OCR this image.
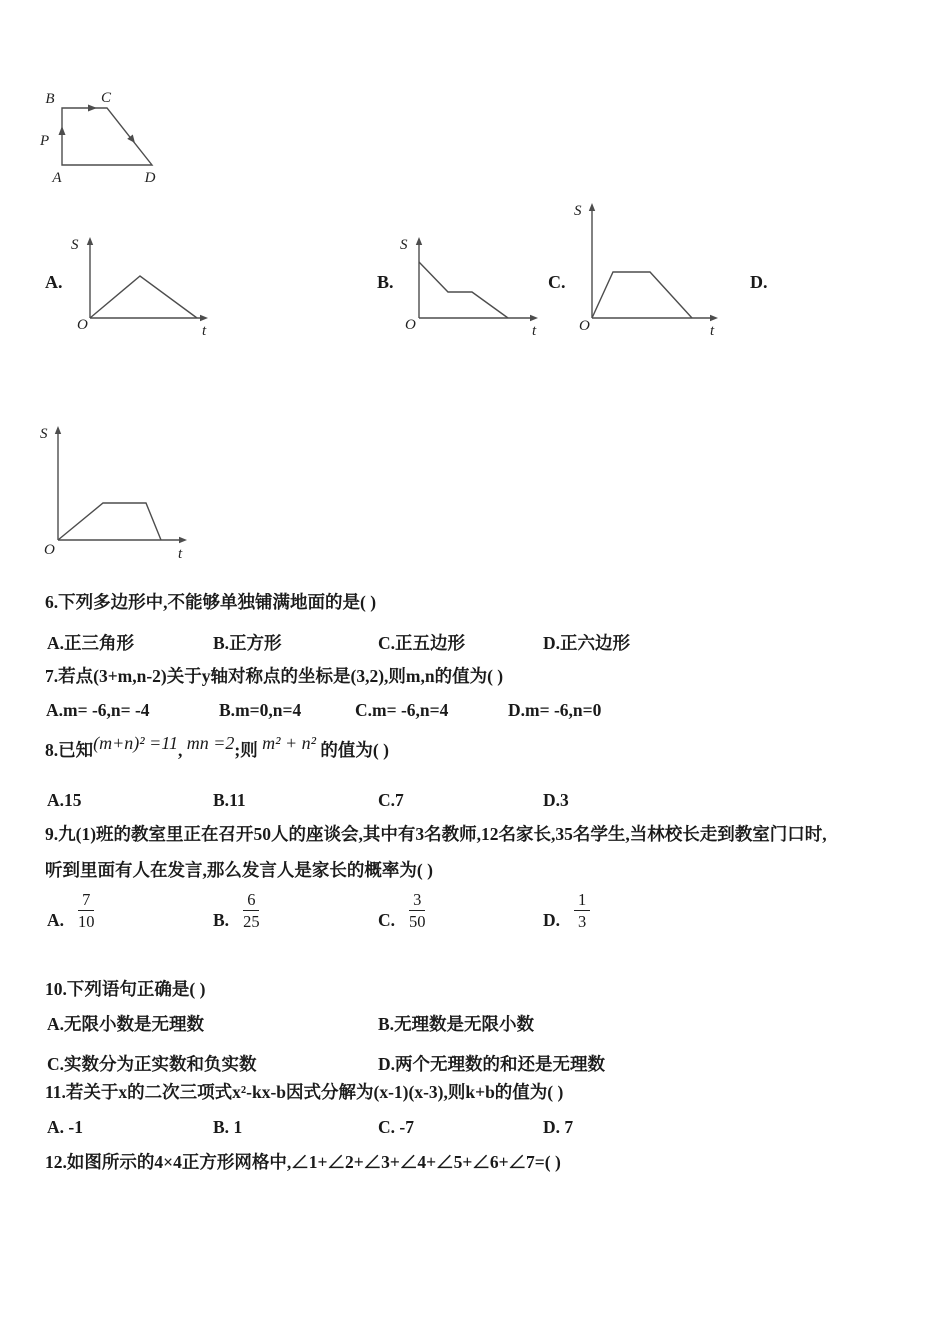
B	C
P
A	D
A.
S
O	t
B.
S
O	t
C.
S
O	t
D.
S
O	t
6.下列多边形中,不能够单独铺满地面的是( )
A.正三角形	B.正方形	C.正五边形	D.正六边形
7.若点(3+m,n-2)关于y轴对称点的坐标是(3,2),则m,n的值为( )
A.m= -6,n= -4	B.m=0,n=4	C.m= -6,n=4	D.m= -6,n=0
8.已知(m+n)² =11, mn =2;则 m² + n² 的值为( )
A.15	B.11	C.7	D.3
9.九(1)班的教室里正在召开50人的座谈会,其中有3名教师,12名家长,35名学生,当林校长走到教室门口时,
听到里面有人在发言,那么发言人是家长的概率为( )
A. $\frac{7}{10}$	B. $\frac{6}{25}$	C. $\frac{3}{50}$	D. $\frac{1}{3}$
10.下列语句正确是( )
A.无限小数是无理数	B.无理数是无限小数
C.实数分为正实数和负实数	D.两个无理数的和还是无理数
11.若关于x的二次三项式x²-kx-b因式分解为(x-1)(x-3),则k+b的值为( )
A. -1	B. 1	C. -7	D. 7
12.如图所示的4×4正方形网格中,∠1+∠2+∠3+∠4+∠5+∠6+∠7=( )
